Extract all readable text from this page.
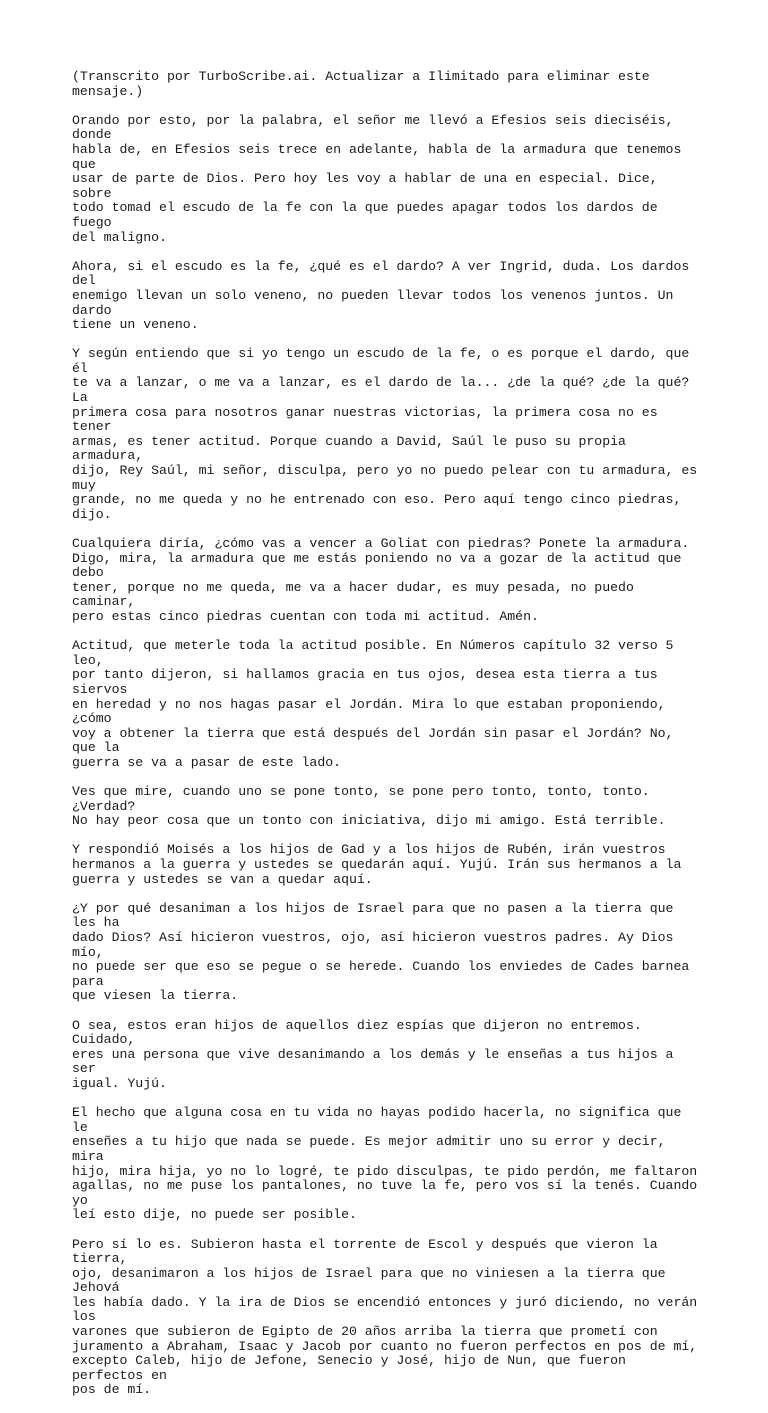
(Transcrito por TurboScribe.ai. Actualizar a Ilimitado para eliminar este mensaje.)

Orando por esto, por la palabra, el señor me llevó a Efesios seis dieciséis, donde
habla de, en Efesios seis trece en adelante, habla de la armadura que tenemos que
usar de parte de Dios. Pero hoy les voy a hablar de una en especial. Dice, sobre
todo tomad el escudo de la fe con la que puedes apagar todos los dardos de fuego
del maligno.

Ahora, si el escudo es la fe, ¿qué es el dardo? A ver Ingrid, duda. Los dardos del
enemigo llevan un solo veneno, no pueden llevar todos los venenos juntos. Un dardo
tiene un veneno.

Y según entiendo que si yo tengo un escudo de la fe, o es porque el dardo, que él
te va a lanzar, o me va a lanzar, es el dardo de la... ¿de la qué? ¿de la qué? La
primera cosa para nosotros ganar nuestras victorias, la primera cosa no es tener
armas, es tener actitud. Porque cuando a David, Saúl le puso su propia armadura,
dijo, Rey Saúl, mi señor, disculpa, pero yo no puedo pelear con tu armadura, es muy
grande, no me queda y no he entrenado con eso. Pero aquí tengo cinco piedras, dijo.

Cualquiera diría, ¿cómo vas a vencer a Goliat con piedras? Ponete la armadura.
Digo, mira, la armadura que me estás poniendo no va a gozar de la actitud que debo
tener, porque no me queda, me va a hacer dudar, es muy pesada, no puedo caminar,
pero estas cinco piedras cuentan con toda mi actitud. Amén.

Actitud, que meterle toda la actitud posible. En Números capítulo 32 verso 5 leo,
por tanto dijeron, si hallamos gracia en tus ojos, desea esta tierra a tus siervos
en heredad y no nos hagas pasar el Jordán. Mira lo que estaban proponiendo, ¿cómo
voy a obtener la tierra que está después del Jordán sin pasar el Jordán? No, que la
guerra se va a pasar de este lado.

Ves que mire, cuando uno se pone tonto, se pone pero tonto, tonto, tonto. ¿Verdad?
No hay peor cosa que un tonto con iniciativa, dijo mi amigo. Está terrible.

Y respondió Moisés a los hijos de Gad y a los hijos de Rubén, irán vuestros
hermanos a la guerra y ustedes se quedarán aquí. Yujú. Irán sus hermanos a la
guerra y ustedes se van a quedar aquí.

¿Y por qué desaniman a los hijos de Israel para que no pasen a la tierra que les ha
dado Dios? Así hicieron vuestros, ojo, así hicieron vuestros padres. Ay Dios mío,
no puede ser que eso se pegue o se herede. Cuando los enviedes de Cades barnea para
que viesen la tierra.

O sea, estos eran hijos de aquellos diez espías que dijeron no entremos. Cuidado,
eres una persona que vive desanimando a los demás y le enseñas a tus hijos a ser
igual. Yujú.

El hecho que alguna cosa en tu vida no hayas podido hacerla, no significa que le
enseñes a tu hijo que nada se puede. Es mejor admitir uno su error y decir, mira
hijo, mira hija, yo no lo logré, te pido disculpas, te pido perdón, me faltaron
agallas, no me puse los pantalones, no tuve la fe, pero vos sí la tenés. Cuando yo
leí esto dije, no puede ser posible.

Pero sí lo es. Subieron hasta el torrente de Escol y después que vieron la tierra,
ojo, desanimaron a los hijos de Israel para que no viniesen a la tierra que Jehová
les había dado. Y la ira de Dios se encendió entonces y juró diciendo, no verán los
varones que subieron de Egipto de 20 años arriba la tierra que prometí con
juramento a Abraham, Isaac y Jacob por cuanto no fueron perfectos en pos de mí,
excepto Caleb, hijo de Jefone, Senecio y José, hijo de Nun, que fueron perfectos en
pos de mí.
